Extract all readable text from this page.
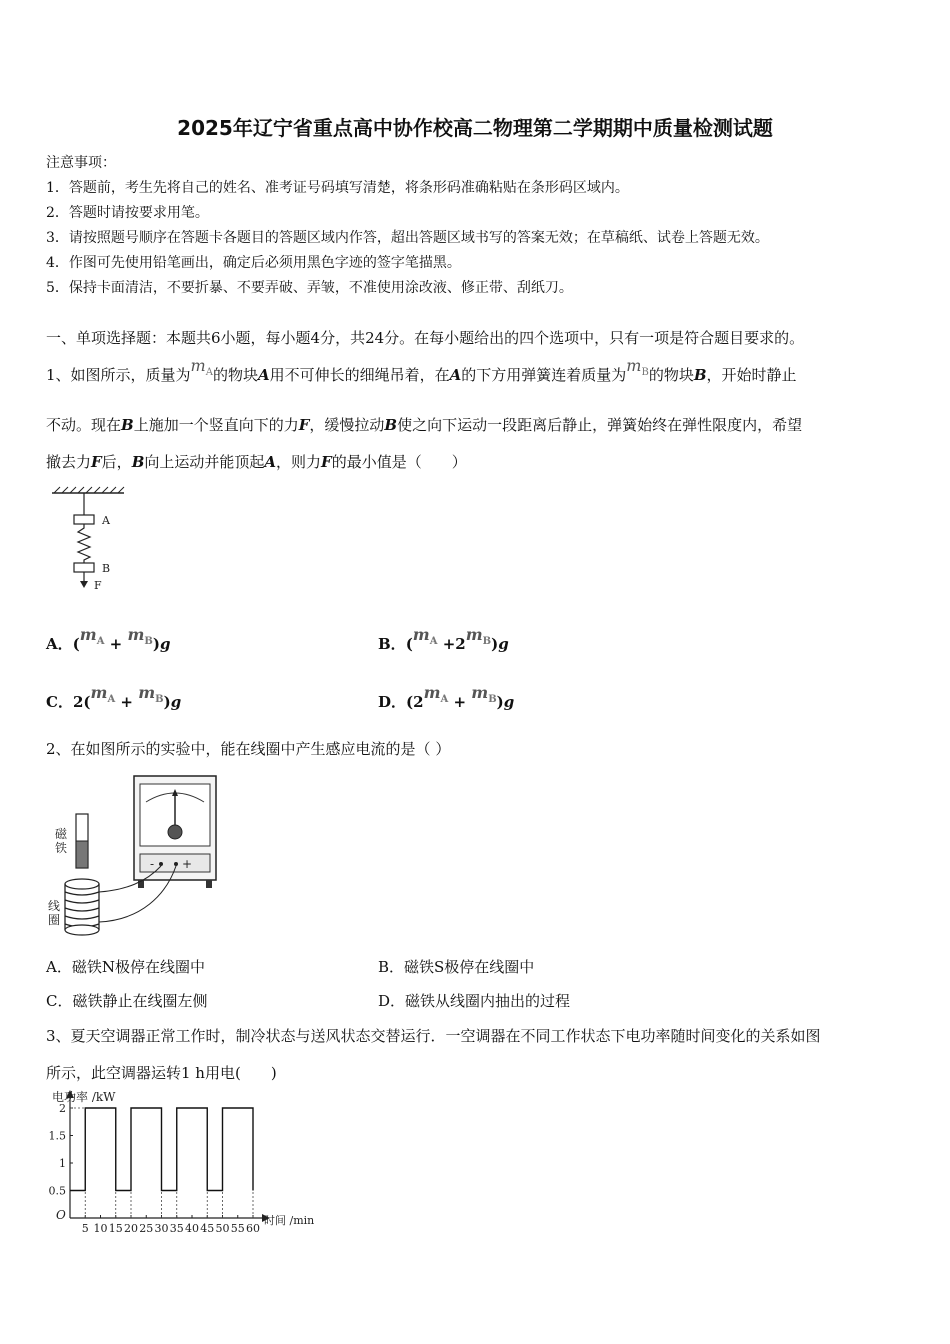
2025年辽宁省重点高中协作校高二物理第二学期期中质量检测试题
注意事项：
1．答题前，考生先将自己的姓名、准考证号码填写清楚，将条形码准确粘贴在条形码区域内。
2．答题时请按要求用笔。
3．请按照题号顺序在答题卡各题目的答题区域内作答，超出答题区域书写的答案无效；在草稿纸、试卷上答题无效。
4．作图可先使用铅笔画出，确定后必须用黑色字迹的签字笔描黑。
5．保持卡面清洁，不要折暴、不要弄破、弄皱，不准使用涂改液、修正带、刮纸刀。
一、单项选择题：本题共6小题，每小题4分，共24分。在每小题给出的四个选项中，只有一项是符合题目要求的。
1、如图所示，质量为$m_A$的物块A用不可伸长的细绳吊着，在A的下方用弹簧连着质量为$m_B$的物块B，开始时静止
不动。现在B上施加一个竖直向下的力F，缓慢拉动B使之向下运动一段距离后静止，弹簧始终在弹性限度内，希望
撤去力F后，B向上运动并能顶起A，则力F的最小值是（　　）
A
B
F
A．$(m_A + m_B)g$	B．$(m_A +2m_B)g$
C．$2(m_A + m_B)g$	D．$(2m_A + m_B)g$
2、在如图所示的实验中，能在线圈中产生感应电流的是（ ）
磁
铁
- +
线
圈
A．磁铁N极停在线圈中	B．磁铁S极停在线圈中
C．磁铁静止在线圈左侧	D．磁铁从线圈内抽出的过程
3、夏天空调器正常工作时，制冷状态与送风状态交替运行．一空调器在不同工作状态下电功率随时间变化的关系如图
所示，此空调器运转1 h用电(　　)
电功率 /kW
时间 /min
O
0.5
1
1.5
2
5 10 15 20 25 30 35 40 45 50 55 60
